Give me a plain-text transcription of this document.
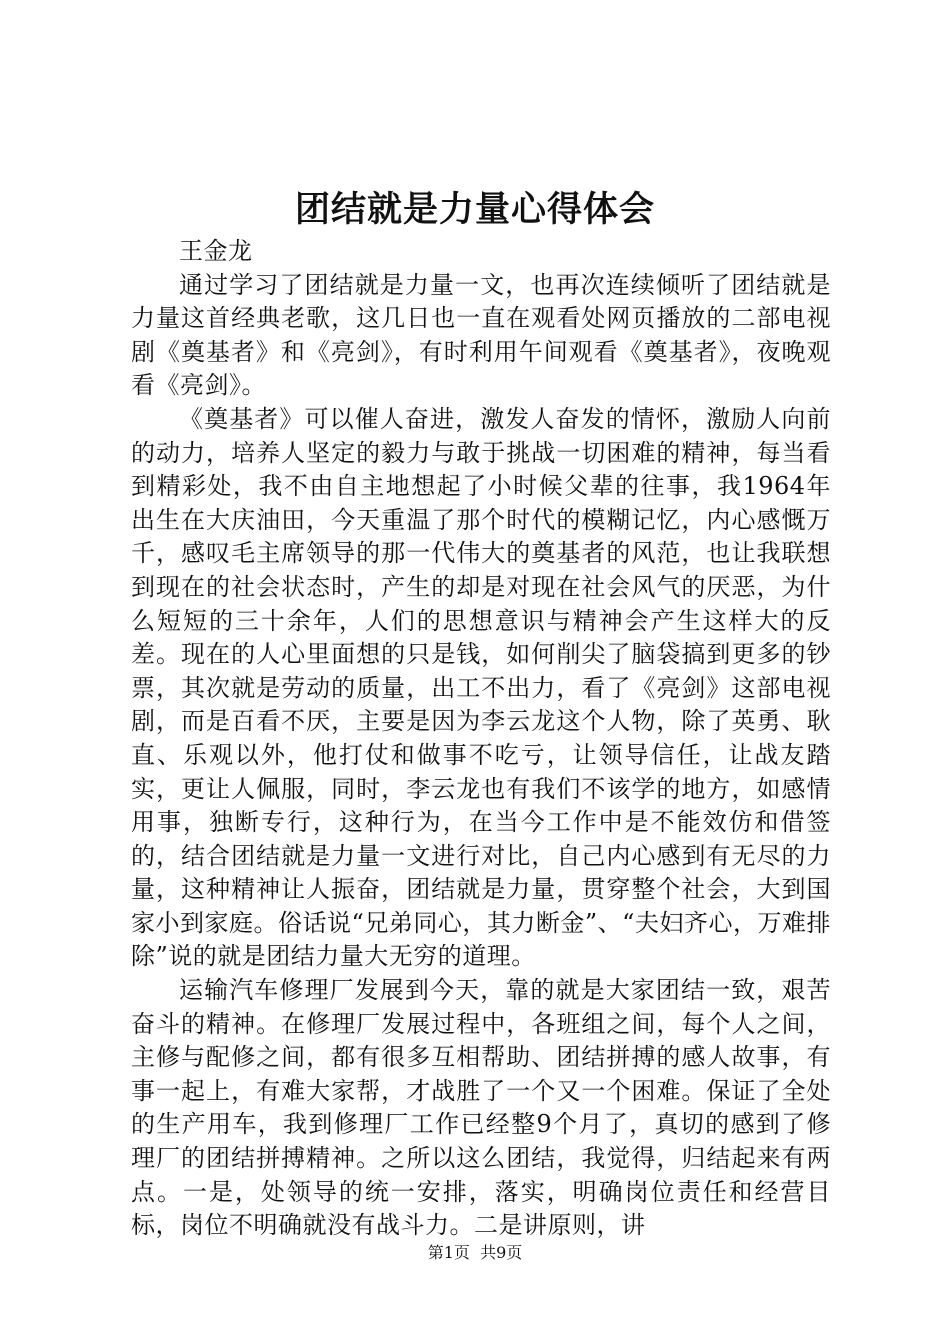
团结就是力量心得体会

王金龙

通过学习了团结就是力量一文，也再次连续倾听了团结就是力量这首经典老歌，这几日也一直在观看处网页播放的二部电视剧《奠基者》和《亮剑》，有时利用午间观看《奠基者》，夜晚观看《亮剑》。

《奠基者》可以催人奋进，激发人奋发的情怀，激励人向前的动力，培养人坚定的毅力与敢于挑战一切困难的精神，每当看到精彩处，我不由自主地想起了小时候父辈的往事，我1964年出生在大庆油田，今天重温了那个时代的模糊记忆，内心感慨万千，感叹毛主席领导的那一代伟大的奠基者的风范，也让我联想到现在的社会状态时，产生的却是对现在社会风气的厌恶，为什么短短的三十余年，人们的思想意识与精神会产生这样大的反差。现在的人心里面想的只是钱，如何削尖了脑袋搞到更多的钞票，其次就是劳动的质量，出工不出力，看了《亮剑》这部电视剧，而是百看不厌，主要是因为李云龙这个人物，除了英勇、耿直、乐观以外，他打仗和做事不吃亏，让领导信任，让战友踏实，更让人佩服，同时，李云龙也有我们不该学的地方，如感情用事，独断专行，这种行为，在当今工作中是不能效仿和借签的，结合团结就是力量一文进行对比，自己内心感到有无尽的力量，这种精神让人振奋，团结就是力量，贯穿整个社会，大到国家小到家庭。俗话说“兄弟同心，其力断金”、“夫妇齐心，万难排除”说的就是团结力量大无穷的道理。

运输汽车修理厂发展到今天，靠的就是大家团结一致，艰苦奋斗的精神。在修理厂发展过程中，各班组之间，每个人之间，主修与配修之间，都有很多互相帮助、团结拼搏的感人故事，有事一起上，有难大家帮，才战胜了一个又一个困难。保证了全处的生产用车，我到修理厂工作已经整9个月了，真切的感到了修理厂的团结拼搏精神。之所以这么团结，我觉得，归结起来有两点。一是，处领导的统一安排，落实，明确岗位责任和经营目标，岗位不明确就没有战斗力。二是讲原则，讲

第1页 共9页
